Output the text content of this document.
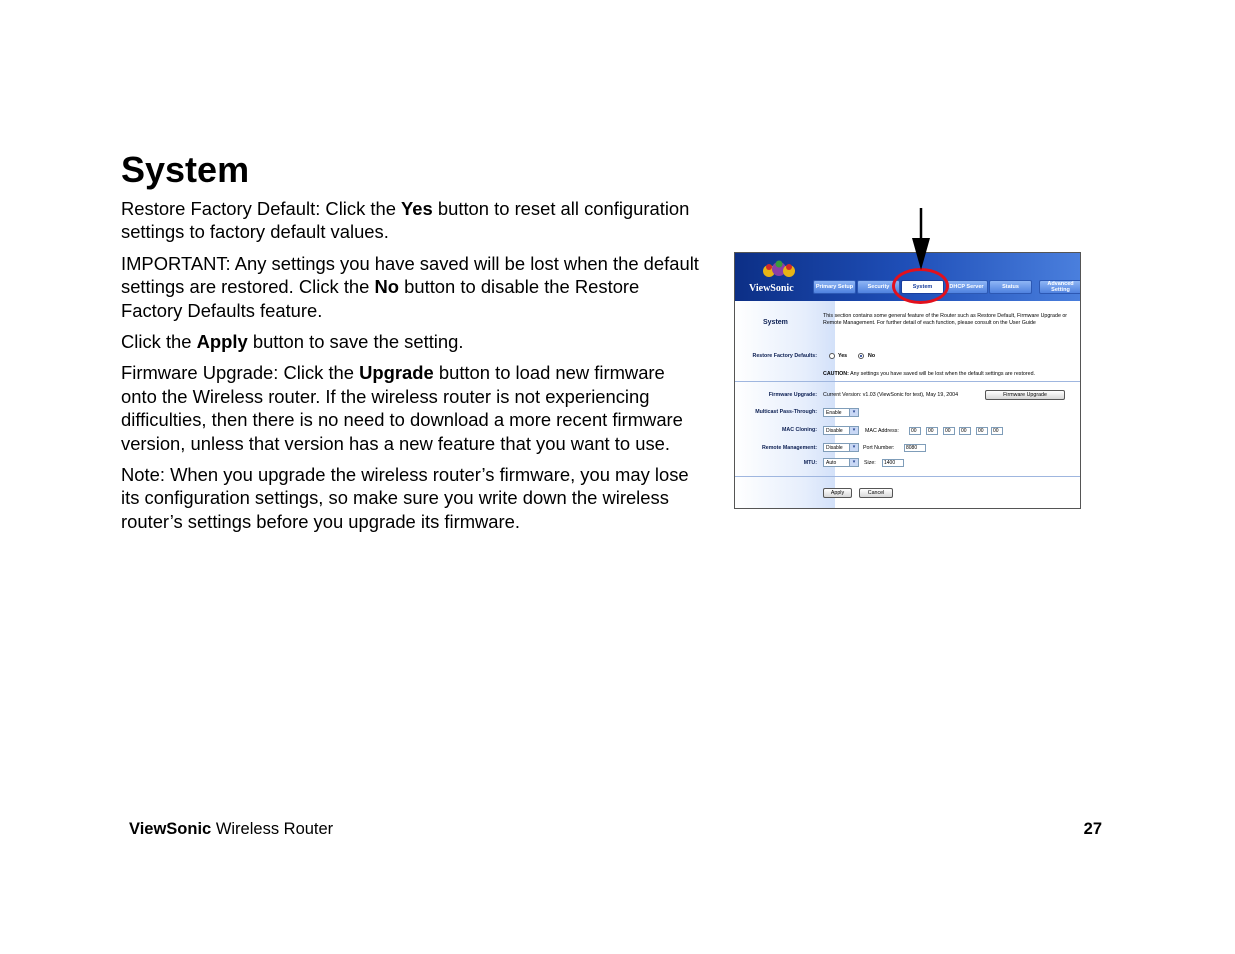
System

Restore Factory Default: Click the Yes button to reset all configuration settings to factory default values.

IMPORTANT: Any settings you have saved will be lost when the default settings are restored. Click the No button to disable the Restore Factory Defaults feature.

Click the Apply button to save the setting.

Firmware Upgrade: Click the Upgrade button to load new firmware onto the Wireless router. If the wireless router is not experiencing difficulties, then there is no need to download a more recent firmware version, unless that version has a new feature that you want to use.

Note: When you upgrade the wireless router’s firmware, you may lose its configuration settings, so make sure you write down the wireless router’s settings before you upgrade its firmware.

ViewSonic	Primary Setup	Security	System	DHCP Server	Status	Advanced Setting
System
This section contains some general feature of the Router such as Restore Default, Firmware Upgrade or Remote Management. For further detail of each function, please consult on the User Guide
Restore Factory Defaults:	Yes	No
CAUTION: Any settings you have saved will be lost when the default settings are restored.
Firmware Upgrade: Current Version: v1.03 (ViewSonic for test), May 19, 2004	Firmware Upgrade
Multicast Pass-Through:	Enable	▾
MAC Cloning:	Disable	▾	MAC Address:	00	00	00	00	00	00
Remote Management:	Disable	▾	Port Number:	8080
MTU:	Auto	▾	Size:	1400
Apply	Cancel
ViewSonic Wireless Router	27
